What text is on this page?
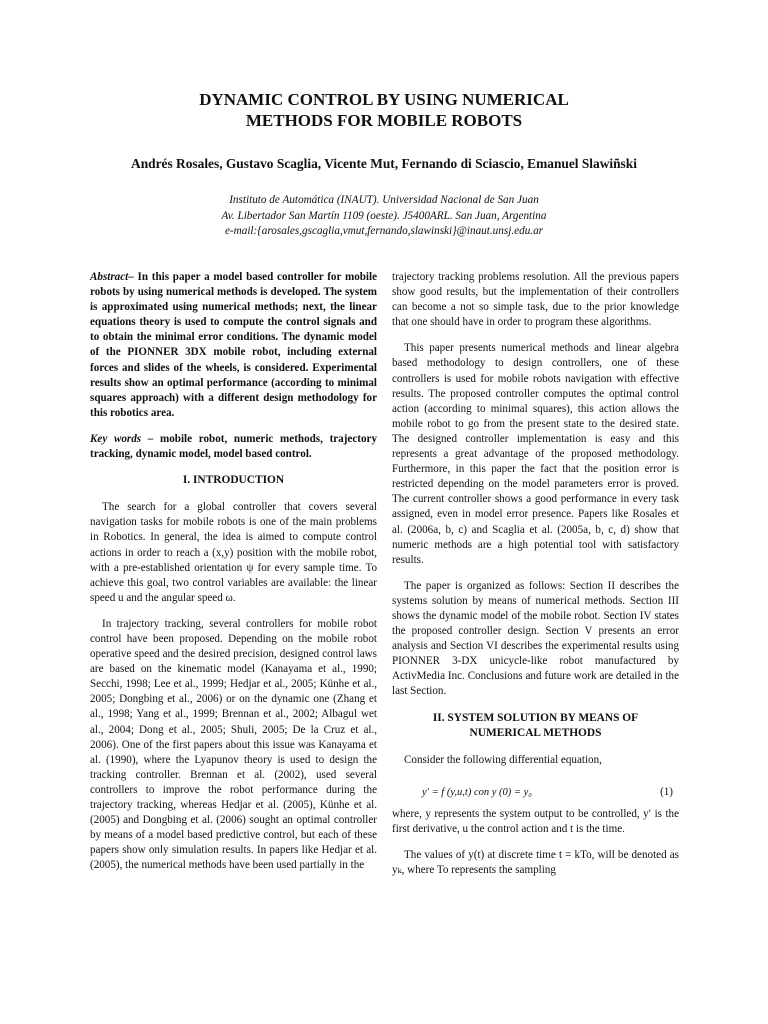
DYNAMIC CONTROL BY USING NUMERICAL
METHODS FOR MOBILE ROBOTS
Andrés Rosales, Gustavo Scaglia, Vicente Mut, Fernando di Sciascio, Emanuel Slawiñski
Instituto de Automática (INAUT). Universidad Nacional de San Juan
Av. Libertador San Martín 1109 (oeste). J5400ARL. San Juan, Argentina
e-mail:{arosales,gscaglia,vmut,fernando,slawinski}@inaut.unsj.edu.ar

Abstract– In this paper a model based controller for mobile robots by using numerical methods is developed. The system is approximated using numerical methods; next, the linear equations theory is used to compute the control signals and to obtain the minimal error conditions. The dynamic model of the PIONNER 3DX mobile robot, including external forces and slides of the wheels, is considered. Experimental results show an optimal performance (according to minimal squares approach) with a different design methodology for this robotics area.

Key words – mobile robot, numeric methods, trajectory tracking, dynamic model, model based control.

I. INTRODUCTION

The search for a global controller that covers several navigation tasks for mobile robots is one of the main problems in Robotics. In general, the idea is aimed to compute control actions in order to reach a (x,y) position with the mobile robot, with a pre-established orientation ψ for every sample time. To achieve this goal, two control variables are available: the linear speed u and the angular speed ω.

In trajectory tracking, several controllers for mobile robot control have been proposed. Depending on the mobile robot operative speed and the desired precision, designed control laws are based on the kinematic model (Kanayama et al., 1990; Secchi, 1998; Lee et al., 1999; Hedjar et al., 2005; Künhe et al., 2005; Dongbing et al., 2006) or on the dynamic one (Zhang et al., 1998; Yang et al., 1999; Brennan et al., 2002; Albagul wet al., 2004; Dong et al., 2005; Shuli, 2005; De la Cruz et al., 2006). One of the first papers about this issue was Kanayama et al. (1990), where the Lyapunov theory is used to design the tracking controller. Brennan et al. (2002), used several controllers to improve the robot performance during the trajectory tracking, whereas Hedjar et al. (2005), Künhe et al. (2005) and Dongbing et al. (2006) sought an optimal controller by means of a model based predictive control, but each of these papers show only simulation results. In papers like Hedjar et al. (2005), the numerical methods have been used partially in the

trajectory tracking problems resolution. All the previous papers show good results, but the implementation of their controllers can become a not so simple task, due to the prior knowledge that one should have in order to program these algorithms.

This paper presents numerical methods and linear algebra based methodology to design controllers, one of these controllers is used for mobile robots navigation with effective results. The proposed controller computes the optimal control action (according to minimal squares), this action allows the mobile robot to go from the present state to the desired state. The designed controller implementation is easy and this represents a great advantage of the proposed methodology. Furthermore, in this paper the fact that the position error is restricted depending on the model parameters error is proved. The current controller shows a good performance in every task assigned, even in model error presence. Papers like Rosales et al. (2006a, b, c) and Scaglia et al. (2005a, b, c, d) show that numeric methods are a high potential tool with satisfactory results.

The paper is organized as follows: Section II describes the systems solution by means of numerical methods. Section III shows the dynamic model of the mobile robot. Section IV states the proposed controller design. Section V presents an error analysis and Section VI describes the experimental results using PIONNER 3-DX unicycle-like robot manufactured by ActivMedia Inc. Conclusions and future work are detailed in the last Section.

II. SYSTEM SOLUTION BY MEANS OF
NUMERICAL METHODS

Consider the following differential equation,

y′ = f (y,u,t) con y (0) = y₀	(1)

where, y represents the system output to be controlled, y′ is the first derivative, u the control action and t is the time.

The values of y(t) at discrete time t = kTo, will be denoted as yₖ, where To represents the sampling
